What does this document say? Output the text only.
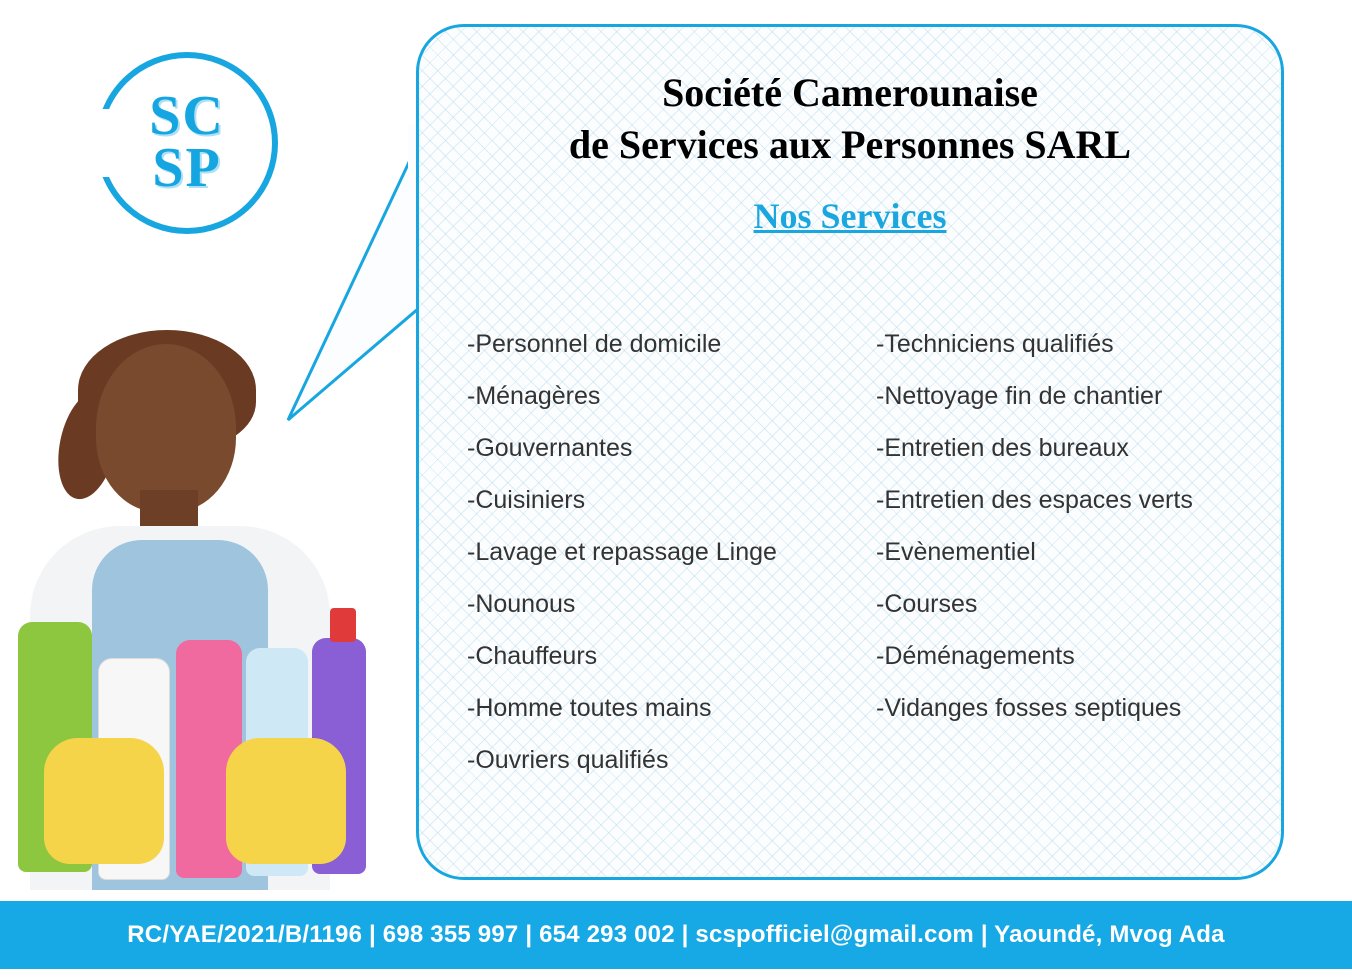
SC
SP
Société Camerounaise
de Services aux Personnes SARL
Nos Services
-Personnel de domicile
-Ménagères
-Gouvernantes
-Cuisiniers
-Lavage et repassage Linge
-Nounous
-Chauffeurs
-Homme toutes mains
-Ouvriers qualifiés
-Techniciens qualifiés
-Nettoyage fin de chantier
-Entretien des bureaux
-Entretien des espaces verts
-Evènementiel
-Courses
-Déménagements
-Vidanges fosses septiques
RC/YAE/2021/B/1196 | 698 355 997 | 654 293 002 | scspofficiel@gmail.com | Yaoundé, Mvog Ada
